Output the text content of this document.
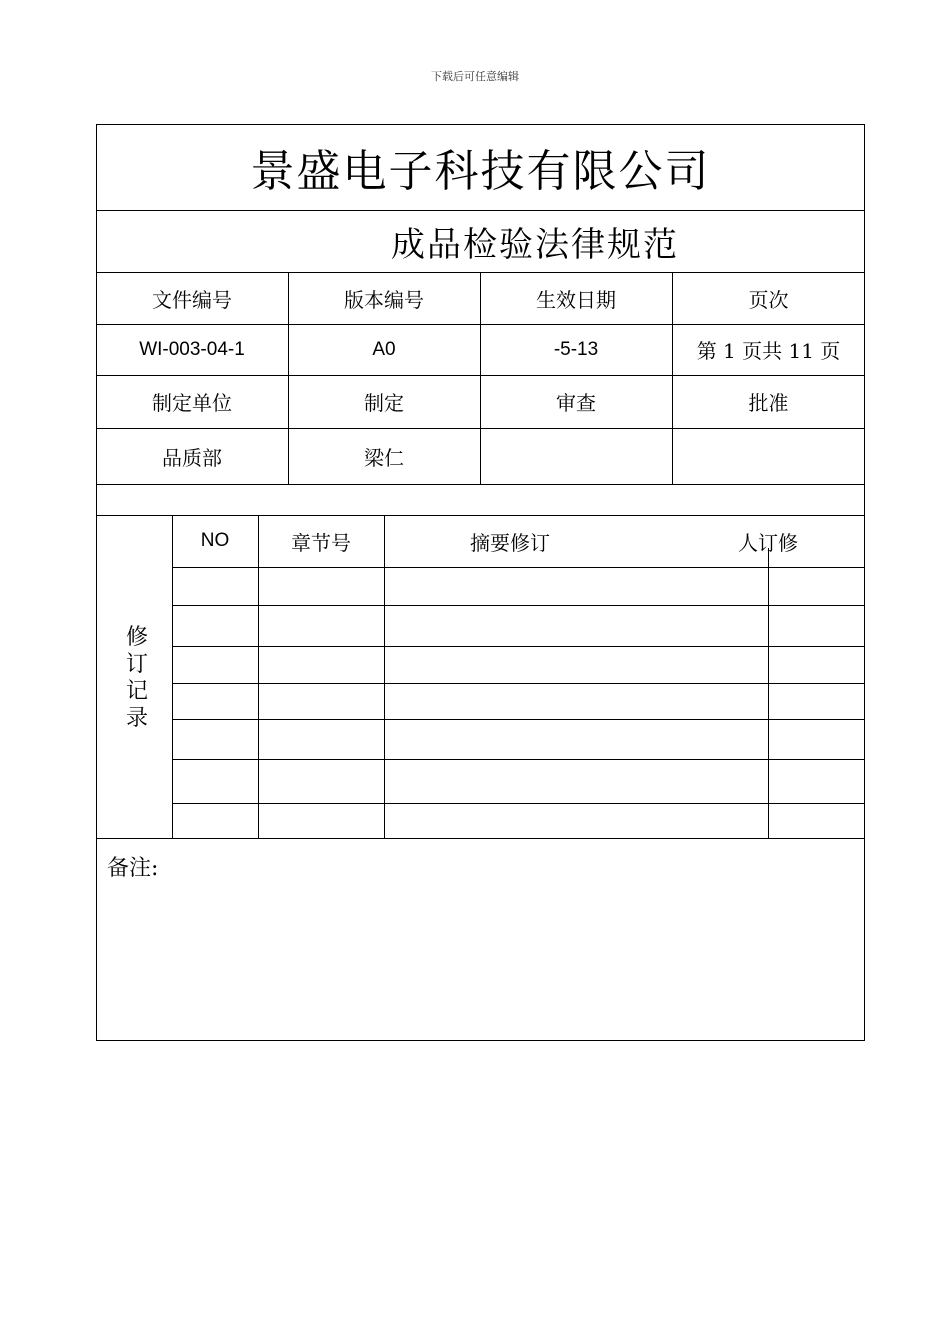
下载后可任意编辑
景盛电子科技有限公司
成品检验法律规范
文件编号	版本编号	生效日期	页次
WI-003-04-1	A0	-5-13	第 1 页共 11 页
制定单位	制定	审查	批准
品质部	梁仁
修
订
记
录
NO	章节号	摘要 修订	人订修
备注:
